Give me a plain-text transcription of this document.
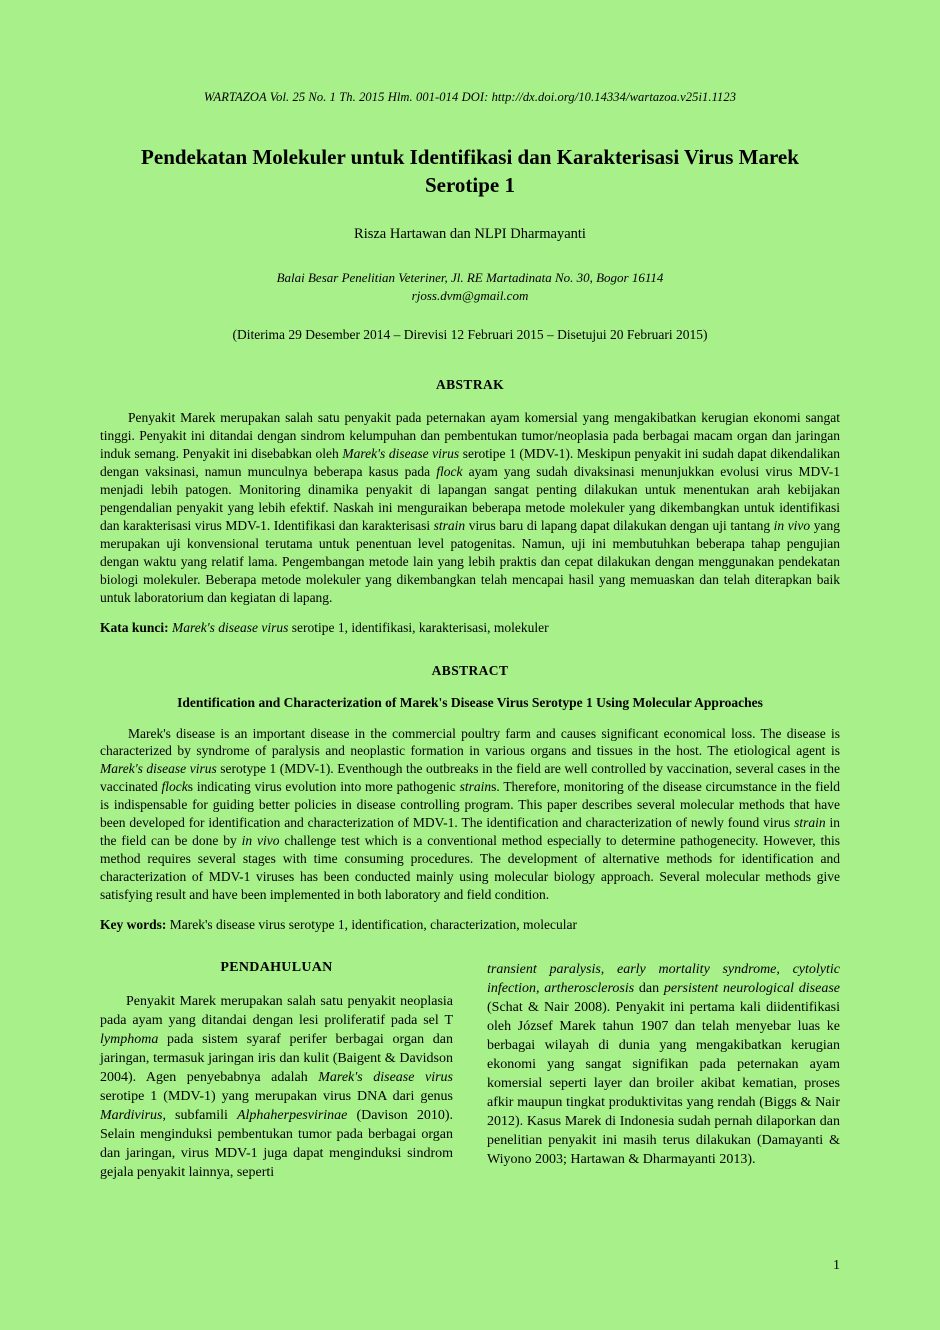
WARTAZOA Vol. 25 No. 1 Th. 2015 Hlm. 001-014 DOI: http://dx.doi.org/10.14334/wartazoa.v25i1.1123
Pendekatan Molekuler untuk Identifikasi dan Karakterisasi Virus Marek Serotipe 1
Risza Hartawan dan NLPI Dharmayanti
Balai Besar Penelitian Veteriner, Jl. RE Martadinata No. 30, Bogor 16114
rjoss.dvm@gmail.com
(Diterima 29 Desember 2014 – Direvisi 12 Februari 2015 – Disetujui 20 Februari 2015)
ABSTRAK

Penyakit Marek merupakan salah satu penyakit pada peternakan ayam komersial yang mengakibatkan kerugian ekonomi sangat tinggi. Penyakit ini ditandai dengan sindrom kelumpuhan dan pembentukan tumor/neoplasia pada berbagai macam organ dan jaringan induk semang. Penyakit ini disebabkan oleh Marek's disease virus serotipe 1 (MDV-1). Meskipun penyakit ini sudah dapat dikendalikan dengan vaksinasi, namun munculnya beberapa kasus pada flock ayam yang sudah divaksinasi menunjukkan evolusi virus MDV-1 menjadi lebih patogen. Monitoring dinamika penyakit di lapangan sangat penting dilakukan untuk menentukan arah kebijakan pengendalian penyakit yang lebih efektif. Naskah ini menguraikan beberapa metode molekuler yang dikembangkan untuk identifikasi dan karakterisasi virus MDV-1. Identifikasi dan karakterisasi strain virus baru di lapang dapat dilakukan dengan uji tantang in vivo yang merupakan uji konvensional terutama untuk penentuan level patogenitas. Namun, uji ini membutuhkan beberapa tahap pengujian dengan waktu yang relatif lama. Pengembangan metode lain yang lebih praktis dan cepat dilakukan dengan menggunakan pendekatan biologi molekuler. Beberapa metode molekuler yang dikembangkan telah mencapai hasil yang memuaskan dan telah diterapkan baik untuk laboratorium dan kegiatan di lapang.

Kata kunci: Marek's disease virus serotipe 1, identifikasi, karakterisasi, molekuler
ABSTRACT
Identification and Characterization of Marek's Disease Virus Serotype 1 Using Molecular Approaches

Marek's disease is an important disease in the commercial poultry farm and causes significant economical loss. The disease is characterized by syndrome of paralysis and neoplastic formation in various organs and tissues in the host. The etiological agent is Marek's disease virus serotype 1 (MDV-1). Eventhough the outbreaks in the field are well controlled by vaccination, several cases in the vaccinated flocks indicating virus evolution into more pathogenic strains. Therefore, monitoring of the disease circumstance in the field is indispensable for guiding better policies in disease controlling program. This paper describes several molecular methods that have been developed for identification and characterization of MDV-1. The identification and characterization of newly found virus strain in the field can be done by in vivo challenge test which is a conventional method especially to determine pathogenecity. However, this method requires several stages with time consuming procedures. The development of alternative methods for identification and characterization of MDV-1 viruses has been conducted mainly using molecular biology approach. Several molecular methods give satisfying result and have been implemented in both laboratory and field condition.

Key words: Marek's disease virus serotype 1, identification, characterization, molecular
PENDAHULUAN

Penyakit Marek merupakan salah satu penyakit neoplasia pada ayam yang ditandai dengan lesi proliferatif pada sel T lymphoma pada sistem syaraf perifer berbagai organ dan jaringan, termasuk jaringan iris dan kulit (Baigent & Davidson 2004). Agen penyebabnya adalah Marek's disease virus serotipe 1 (MDV-1) yang merupakan virus DNA dari genus Mardivirus, subfamili Alphaherpesvirinae (Davison 2010). Selain menginduksi pembentukan tumor pada berbagai organ dan jaringan, virus MDV-1 juga dapat menginduksi sindrom gejala penyakit lainnya, seperti

transient paralysis, early mortality syndrome, cytolytic infection, artherosclerosis dan persistent neurological disease (Schat & Nair 2008). Penyakit ini pertama kali diidentifikasi oleh József Marek tahun 1907 dan telah menyebar luas ke berbagai wilayah di dunia yang mengakibatkan kerugian ekonomi yang sangat signifikan pada peternakan ayam komersial seperti layer dan broiler akibat kematian, proses afkir maupun tingkat produktivitas yang rendah (Biggs & Nair 2012). Kasus Marek di Indonesia sudah pernah dilaporkan dan penelitian penyakit ini masih terus dilakukan (Damayanti & Wiyono 2003; Hartawan & Dharmayanti 2013).

1
